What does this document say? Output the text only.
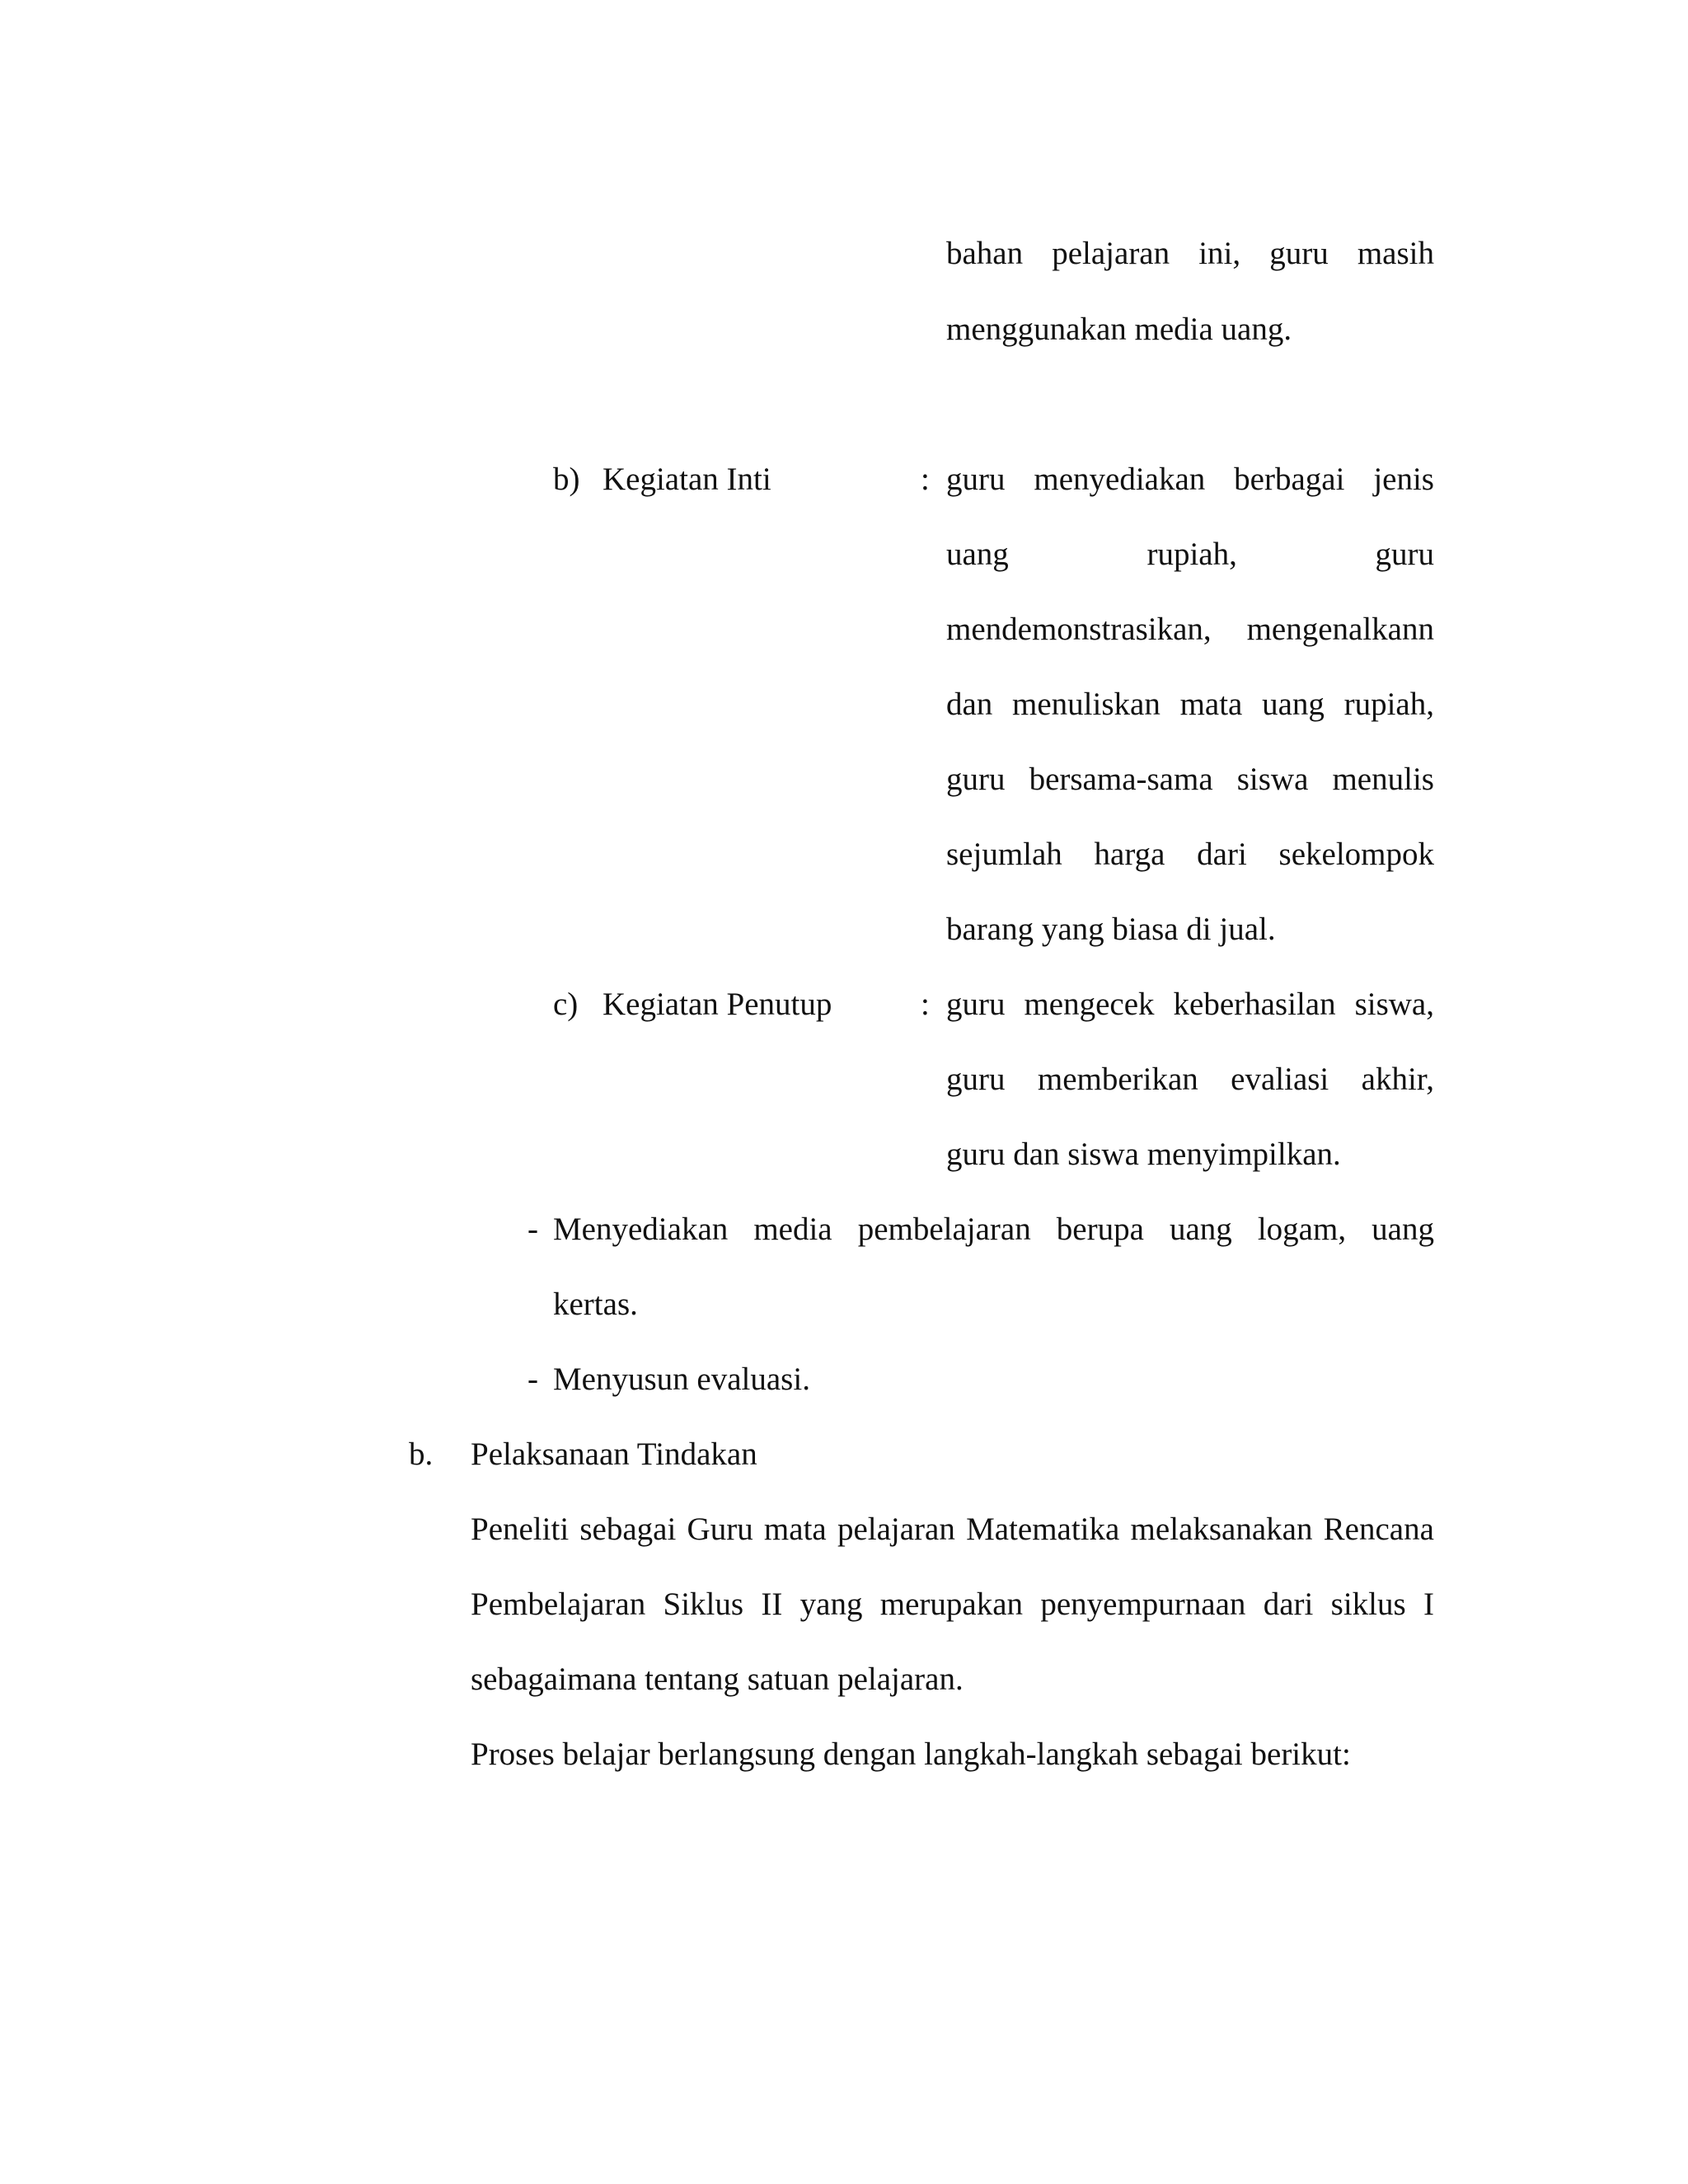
bahan pelajaran ini, guru masih
menggunakan media uang.
b) Kegiatan Inti	: guru menyediakan berbagai jenis
uang	rupiah,	guru
mendemonstrasikan, mengenalkann
dan menuliskan mata uang rupiah,
guru bersama-sama siswa menulis
sejumlah harga dari sekelompok
barang yang biasa di jual.
c) Kegiatan Penutup	: guru mengecek keberhasilan siswa,
guru memberikan evaliasi akhir,
guru dan siswa menyimpilkan.
- Menyediakan media pembelajaran berupa uang logam, uang
kertas.
- Menyusun evaluasi.
b. Pelaksanaan Tindakan
Peneliti sebagai Guru mata pelajaran Matematika melaksanakan Rencana
Pembelajaran Siklus II yang merupakan penyempurnaan dari siklus I
sebagaimana tentang satuan pelajaran.
Proses belajar berlangsung dengan langkah-langkah sebagai berikut:
